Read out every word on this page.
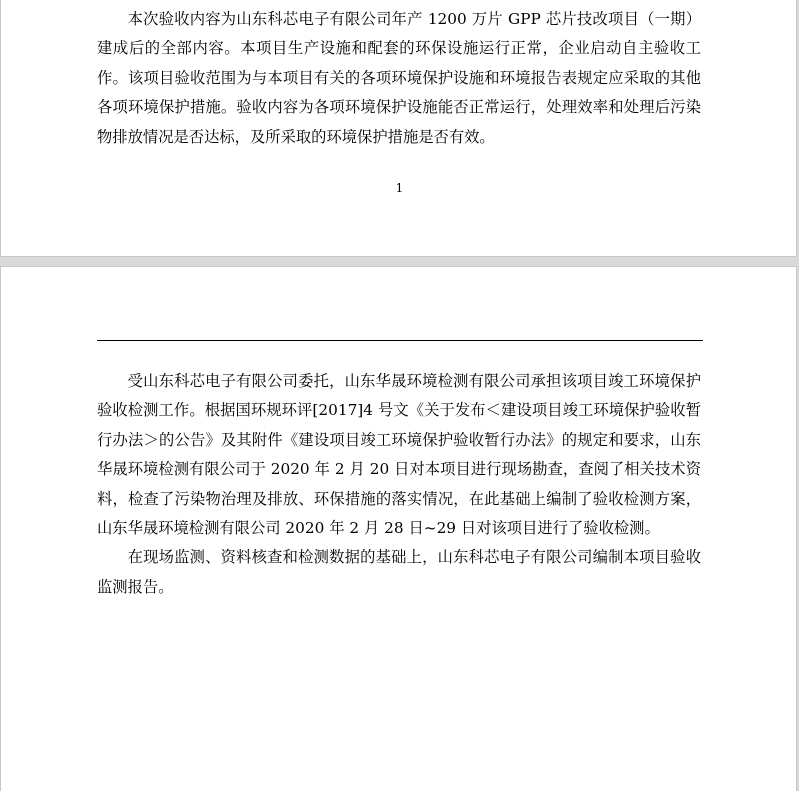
本次验收内容为山东科芯电子有限公司年产 1200 万片 GPP 芯片技改项目（一期）建成后的全部内容。本项目生产设施和配套的环保设施运行正常，企业启动自主验收工作。该项目验收范围为与本项目有关的各项环境保护设施和环境报告表规定应采取的其他各项环境保护措施。验收内容为各项环境保护设施能否正常运行，处理效率和处理后污染物排放情况是否达标，及所采取的环境保护措施是否有效。

1

受山东科芯电子有限公司委托，山东华晟环境检测有限公司承担该项目竣工环境保护验收检测工作。根据国环规环评[2017]4 号文《关于发布＜建设项目竣工环境保护验收暂行办法＞的公告》及其附件《建设项目竣工环境保护验收暂行办法》的规定和要求，山东华晟环境检测有限公司于 2020 年 2 月 20 日对本项目进行现场勘查，查阅了相关技术资料，检查了污染物治理及排放、环保措施的落实情况，在此基础上编制了验收检测方案，山东华晟环境检测有限公司 2020 年 2 月 28 日~29 日对该项目进行了验收检测。

在现场监测、资料核查和检测数据的基础上，山东科芯电子有限公司编制本项目验收监测报告。
